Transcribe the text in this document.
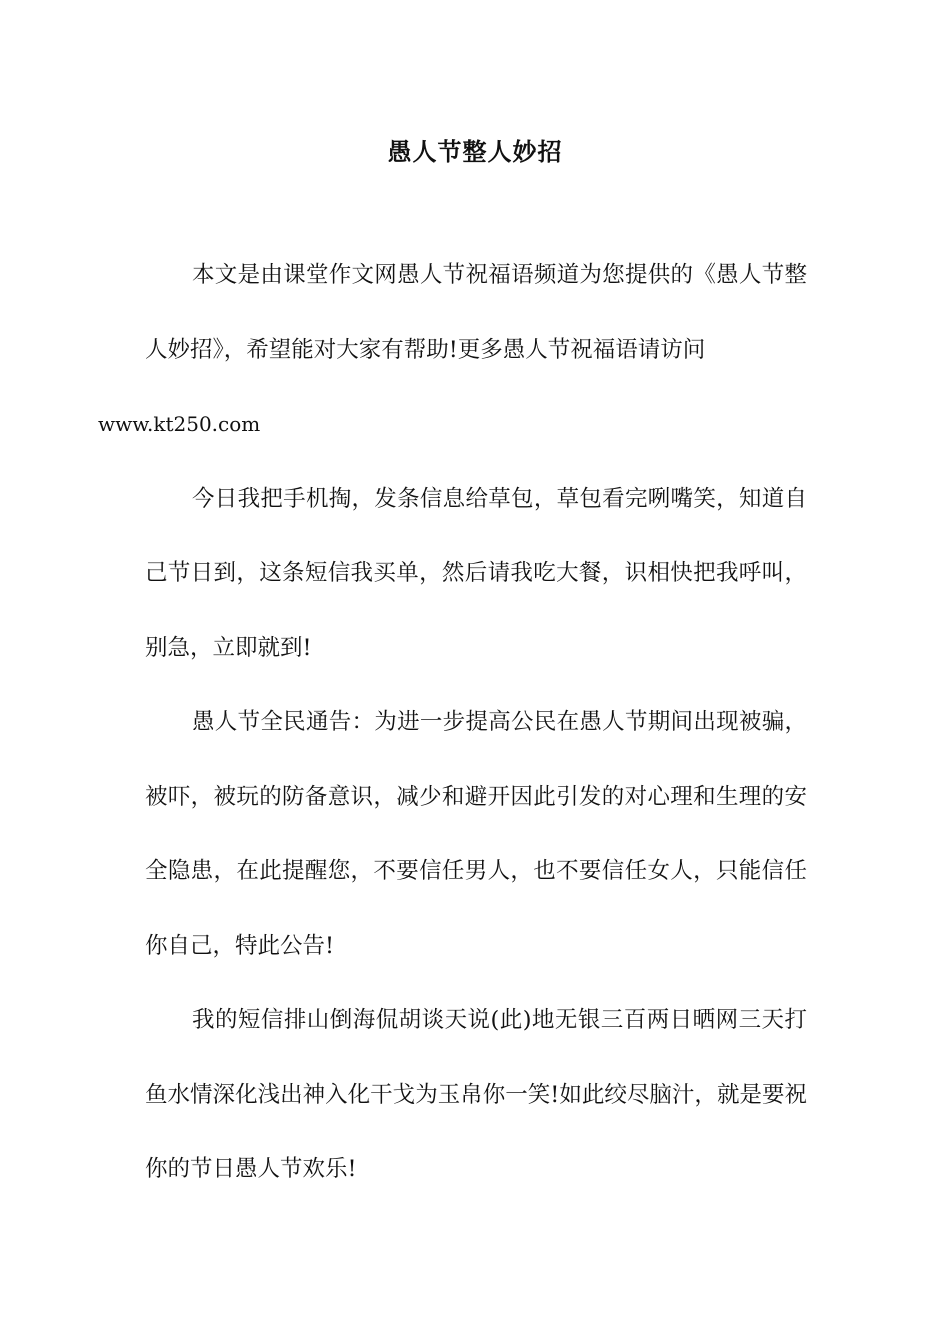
愚人节整人妙招

本文是由课堂作文网愚人节祝福语频道为您提供的《愚人节整人妙招》，希望能对大家有帮助!更多愚人节祝福语请访问
www.kt250.com

今日我把手机掏，发条信息给草包，草包看完咧嘴笑，知道自己节日到，这条短信我买单，然后请我吃大餐，识相快把我呼叫，别急，立即就到!

愚人节全民通告：为进一步提高公民在愚人节期间出现被骗，被吓，被玩的防备意识，减少和避开因此引发的对心理和生理的安全隐患，在此提醒您，不要信任男人，也不要信任女人，只能信任你自己，特此公告!

我的短信排山倒海侃胡谈天说(此)地无银三百两日晒网三天打鱼水情深化浅出神入化干戈为玉帛你一笑!如此绞尽脑汁，就是要祝你的节日愚人节欢乐!
